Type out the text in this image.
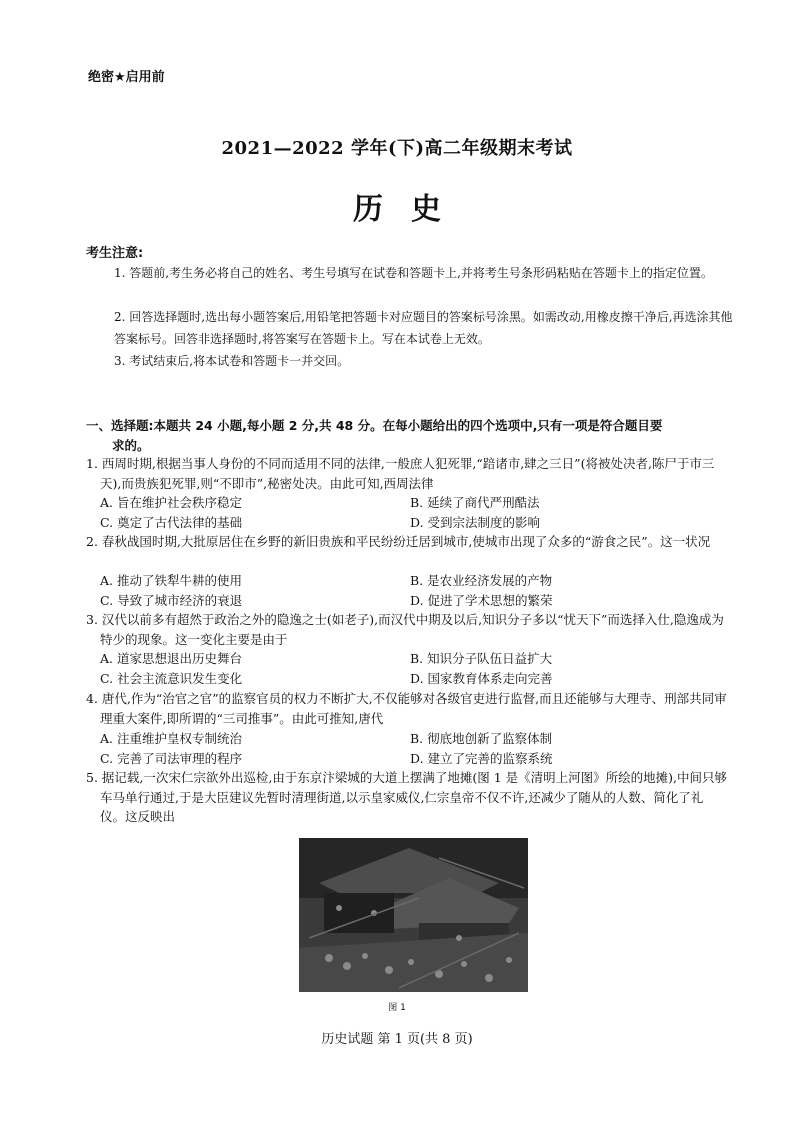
绝密★启用前
2021—2022 学年(下)高二年级期末考试
历史
考生注意:
1. 答题前,考生务必将自己的姓名、考生号填写在试卷和答题卡上,并将考生号条形码粘贴在答题卡上的指定位置。
2. 回答选择题时,选出每小题答案后,用铅笔把答题卡对应题目的答案标号涂黑。如需改动,用橡皮擦干净后,再选涂其他答案标号。回答非选择题时,将答案写在答题卡上。写在本试卷上无效。
3. 考试结束后,将本试卷和答题卡一并交回。
一、选择题:本题共 24 小题,每小题 2 分,共 48 分。在每小题给出的四个选项中,只有一项是符合题目要
求的。
1. 西周时期,根据当事人身份的不同而适用不同的法律,一般庶人犯死罪,“踣诸市,肆之三日”(将被处决者,陈尸于市三天),而贵族犯死罪,则“不即市”,秘密处决。由此可知,西周法律
A. 旨在维护社会秩序稳定	B. 延续了商代严刑酷法
C. 奠定了古代法律的基础	D. 受到宗法制度的影响
2. 春秋战国时期,大批原居住在乡野的新旧贵族和平民纷纷迁居到城市,使城市出现了众多的“游食之民”。这一状况
A. 推动了铁犁牛耕的使用	B. 是农业经济发展的产物
C. 导致了城市经济的衰退	D. 促进了学术思想的繁荣
3. 汉代以前多有超然于政治之外的隐逸之士(如老子),而汉代中期及以后,知识分子多以“忧天下”而选择入仕,隐逸成为特少的现象。这一变化主要是由于
A. 道家思想退出历史舞台	B. 知识分子队伍日益扩大
C. 社会主流意识发生变化	D. 国家教育体系走向完善
4. 唐代,作为“治官之官”的监察官员的权力不断扩大,不仅能够对各级官吏进行监督,而且还能够与大理寺、刑部共同审理重大案件,即所谓的“三司推事”。由此可推知,唐代
A. 注重维护皇权专制统治	B. 彻底地创新了监察体制
C. 完善了司法审理的程序	D. 建立了完善的监察系统
5. 据记载,一次宋仁宗欲外出巡检,由于东京汴梁城的大道上摆满了地摊(图 1 是《清明上河图》所绘的地摊),中间只够车马单行通过,于是大臣建议先暂时清理街道,以示皇家威仪,仁宗皇帝不仅不许,还减少了随从的人数、简化了礼仪。这反映出
图 1
历史试题 第 1 页(共 8 页)
